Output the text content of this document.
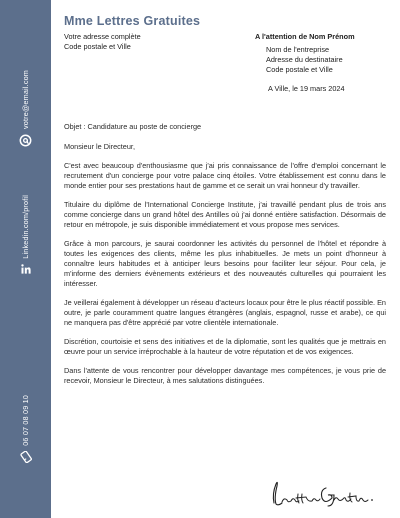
votre@email.com
Linkedin.com/profil
06 07 08 09 10
Mme Lettres Gratuites
Votre adresse complète
Code postale et Ville
A l'attention de Nom Prénom
Nom de l'entreprise
Adresse du destinataire
Code postale et Ville
A Ville, le 19 mars 2024

Objet : Candidature au poste de concierge

Monsieur le Directeur,

C'est avec beaucoup d'enthousiasme que j'ai pris connaissance de l'offre d'emploi concernant le recrutement d'un concierge pour votre palace cinq étoiles. Votre établissement est connu dans le monde entier pour ses prestations haut de gamme et ce serait un vrai honneur d'y travailler.

Titulaire du diplôme de l'International Concierge Institute, j'ai travaillé pendant plus de trois ans comme concierge dans un grand hôtel des Antilles où j'ai donné entière satisfaction. Désormais de retour en métropole, je suis disponible immédiatement et vous propose mes services.

Grâce à mon parcours, je saurai coordonner les activités du personnel de l'hôtel et répondre à toutes les exigences des clients, même les plus inhabituelles. Je mets un point d'honneur à connaître leurs habitudes et à anticiper leurs besoins pour faciliter leur séjour. Pour cela, je m'informe des derniers évènements extérieurs et des nouveautés culturelles qui pourraient les intéresser.

Je veillerai également à développer un réseau d'acteurs locaux pour être le plus réactif possible. En outre, je parle couramment quatre langues étrangères (anglais, espagnol, russe et arabe), ce qui ne manquera pas d'être apprécié par votre clientèle internationale.

Discrétion, courtoisie et sens des initiatives et de la diplomatie, sont les qualités que je mettrais en œuvre pour un service irréprochable à la hauteur de votre réputation et de vos exigences.

Dans l'attente de vous rencontrer pour développer davantage mes compétences, je vous prie de recevoir, Monsieur le Directeur, à mes salutations distinguées.
